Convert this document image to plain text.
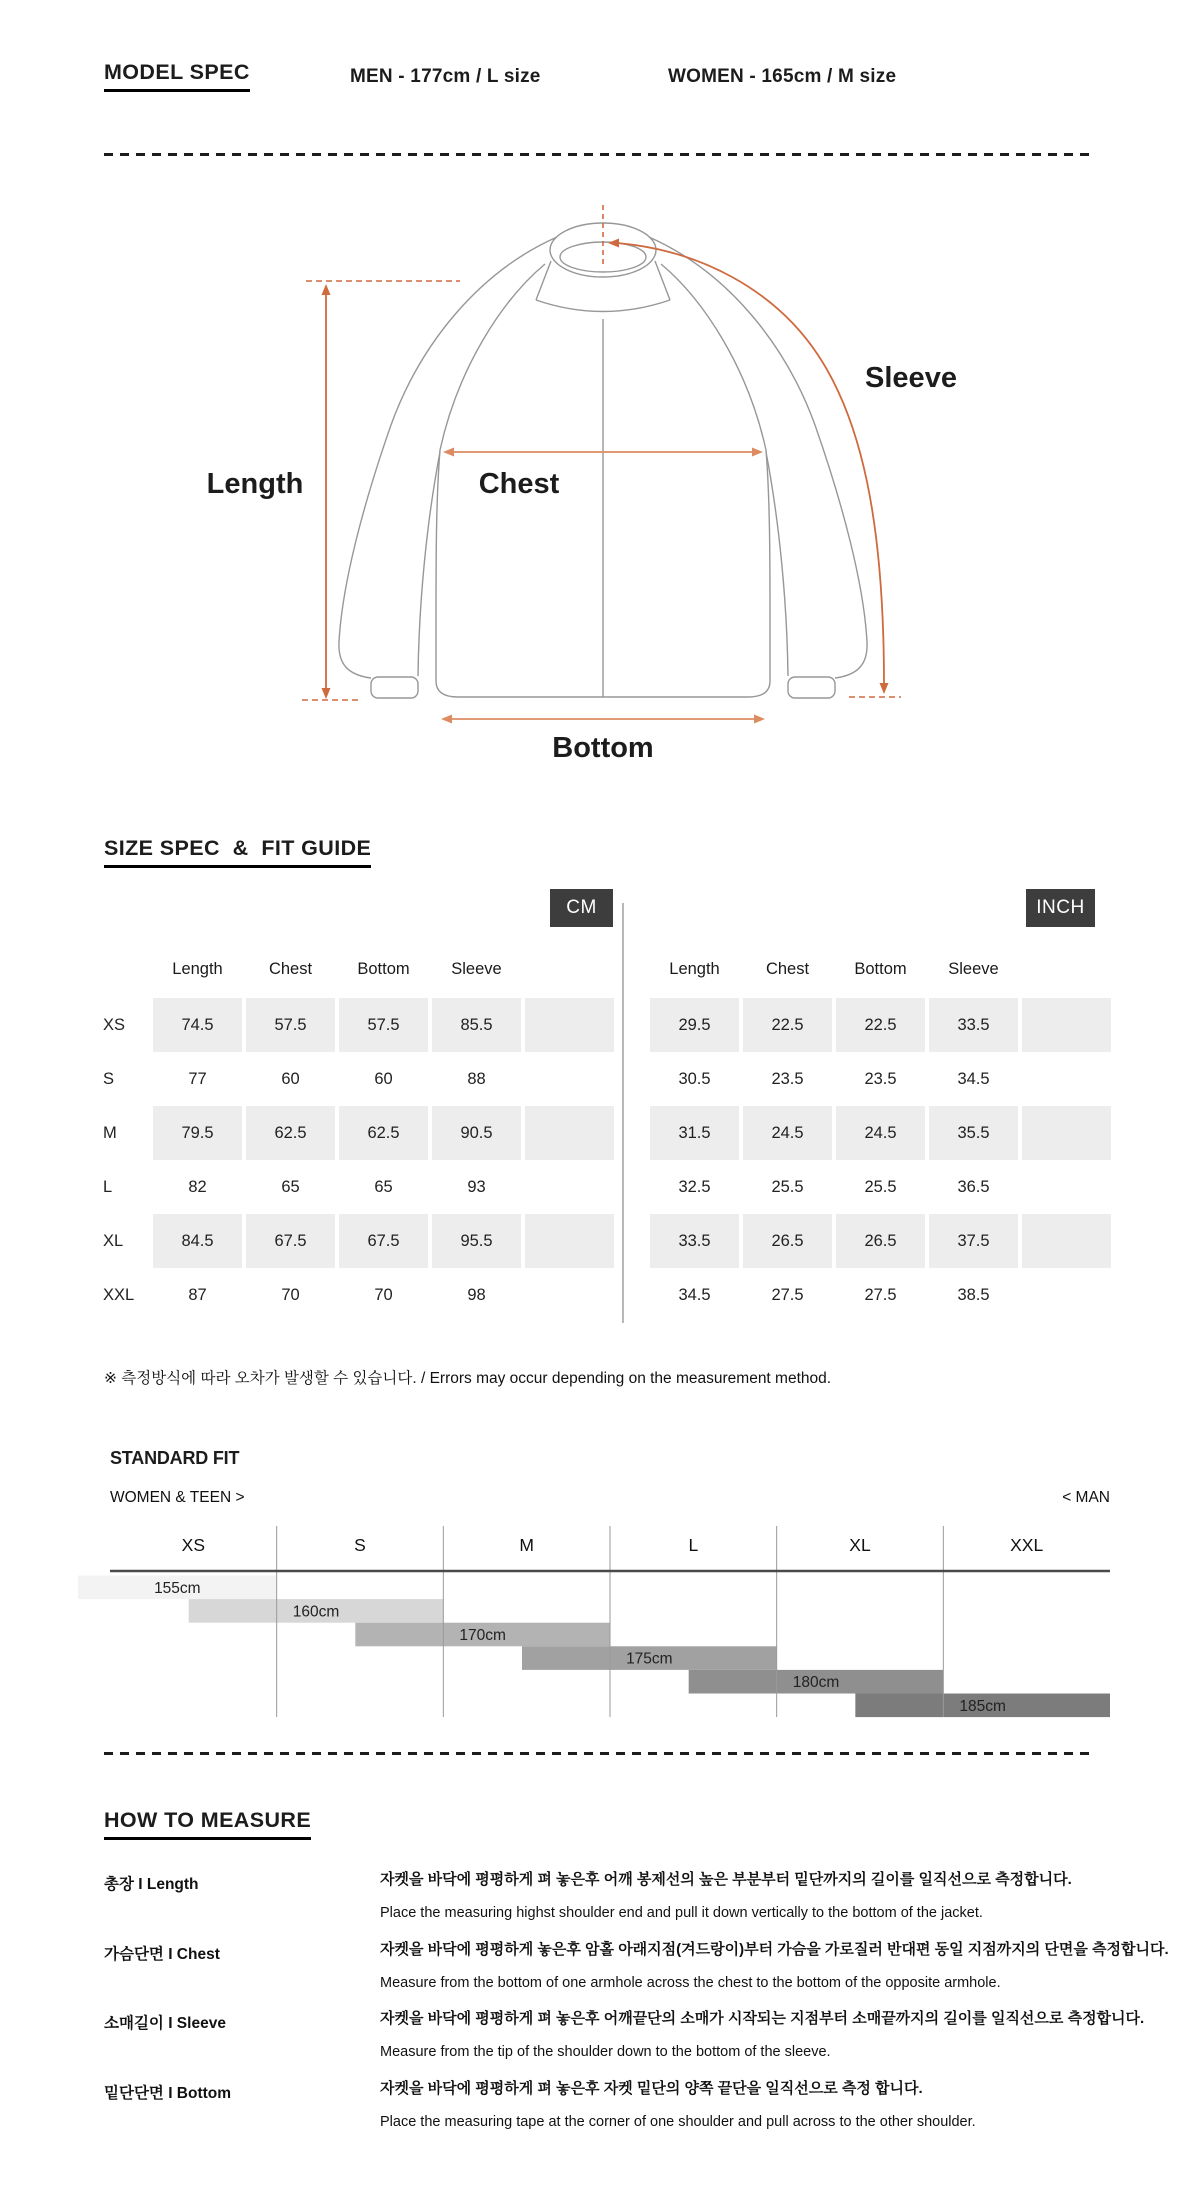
MODEL SPEC	MEN - 177cm / L size	WOMEN - 165cm / M size
Length	Chest
Sleeve
Bottom
SIZE SPEC  &  FIT GUIDE
CM	INCH
Length	Chest	Bottom	Sleeve
XS	74.5	57.5	57.5	85.5
S	77	60	60	88
M	79.5	62.5	62.5	90.5
L	82	65	65	93
XL	84.5	67.5	67.5	95.5
XXL	87	70	70	98
Length	Chest	Bottom	Sleeve
29.5	22.5	22.5	33.5
30.5	23.5	23.5	34.5
31.5	24.5	24.5	35.5
32.5	25.5	25.5	36.5
33.5	26.5	26.5	37.5
34.5	27.5	27.5	38.5
※ 측정방식에 따라 오차가 발생할 수 있습니다. / Errors may occur depending on the measurement method.
STANDARD FIT
WOMEN & TEEN >	< MAN
155cm
160cm
170cm
175cm
180cm
185cm
XS	S	M	L	XL	XXL
HOW TO MEASURE
총장 I Length	자켓을 바닥에 평평하게 펴 놓은후 어깨 봉제선의 높은 부분부터 밑단까지의 길이를 일직선으로 측정합니다.
Place the measuring highst shoulder end and pull it down vertically to the bottom of the jacket.
가슴단면 I Chest	자켓을 바닥에 평평하게 놓은후 암홀 아래지점(겨드랑이)부터 가슴을 가로질러 반대편 동일 지점까지의 단면을 측정합니다.
Measure from the bottom of one armhole across the chest to the bottom of the opposite armhole.
소매길이 I Sleeve	자켓을 바닥에 평평하게 펴 놓은후 어깨끝단의 소매가 시작되는 지점부터 소매끝까지의 길이를 일직선으로 측정합니다.
Measure from the tip of the shoulder down to the bottom of the sleeve.
밑단단면 I Bottom	자켓을 바닥에 평평하게 펴 놓은후 자켓 밑단의 양쪽 끝단을 일직선으로 측정 합니다.
Place the measuring tape at the corner of one shoulder and pull across to the other shoulder.
